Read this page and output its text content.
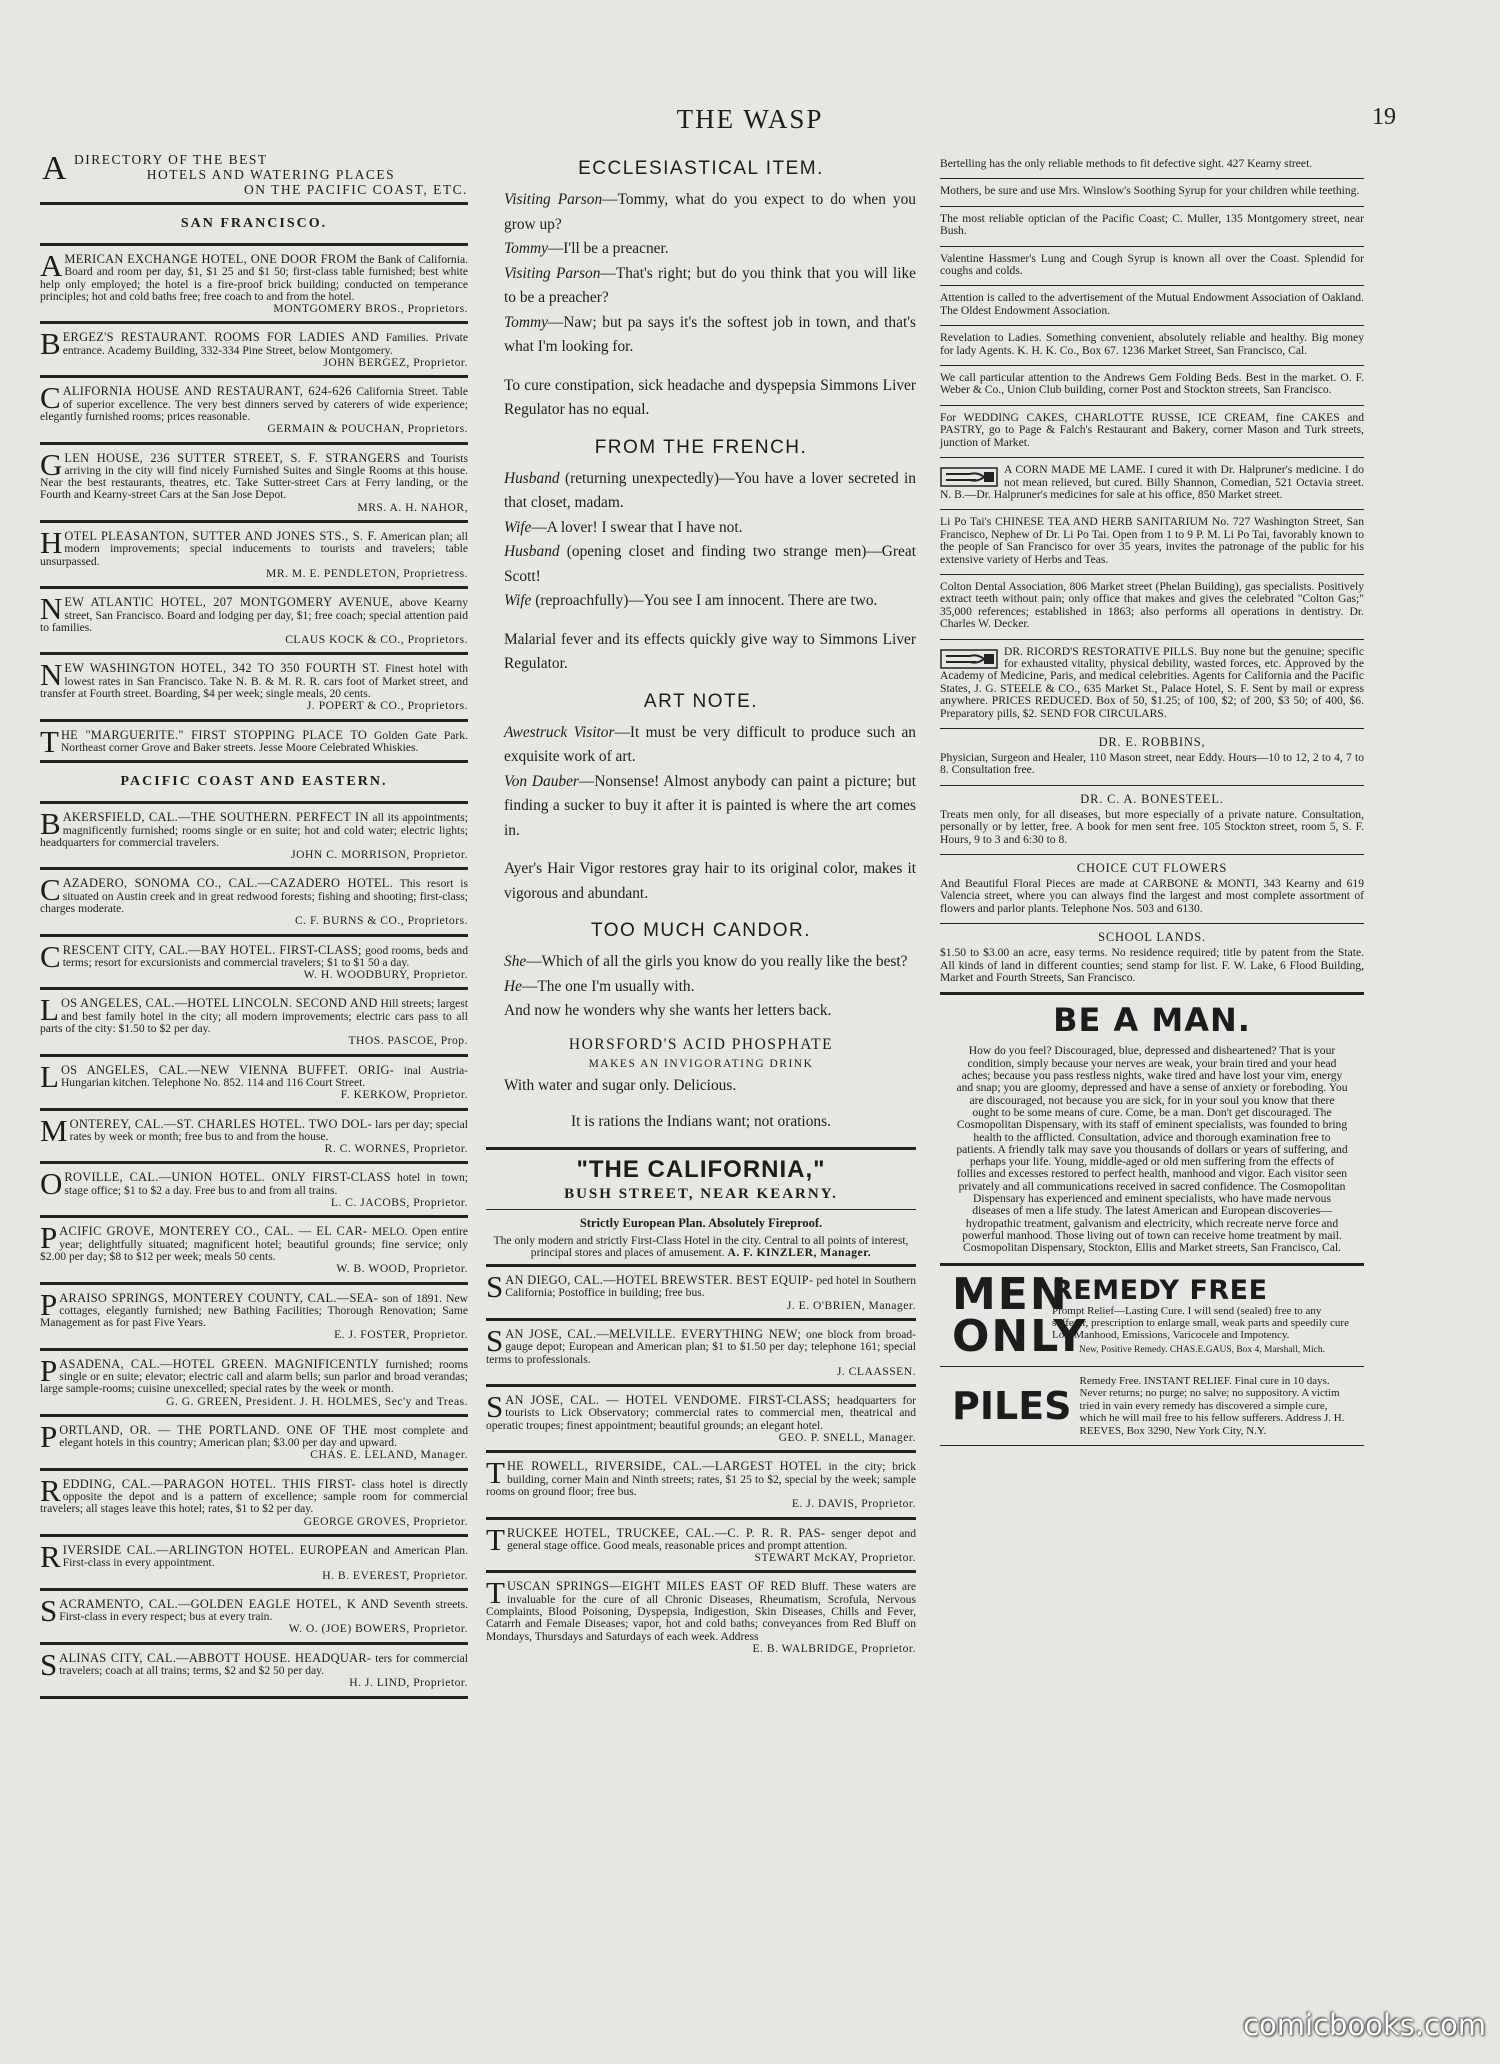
THE WASP	19
A DIRECTORY OF THE BEST
HOTELS AND WATERING PLACES
ON THE PACIFIC COAST, ETC.
SAN FRANCISCO.
AMERICAN EXCHANGE HOTEL, ONE DOOR FROM the Bank of California. Board and room per day, $1, $1 25 and $1 50; first-class table furnished; best white help only employed; the hotel is a fire-proof brick building; conducted on temperance principles; hot and cold baths free; free coach to and from the hotel.
MONTGOMERY BROS., Proprietors.
BERGEZ'S RESTAURANT. ROOMS FOR LADIES AND Families. Private entrance. Academy Building, 332-334 Pine Street, below Montgomery.
JOHN BERGEZ, Proprietor.
CALIFORNIA HOUSE AND RESTAURANT, 624-626 California Street. Table of superior excellence. The very best dinners served by caterers of wide experience; elegantly furnished rooms; prices reasonable.
GERMAIN & POUCHAN, Proprietors.
GLEN HOUSE, 236 SUTTER STREET, S. F. STRANGERS and Tourists arriving in the city will find nicely Furnished Suites and Single Rooms at this house. Near the best restaurants, theatres, etc. Take Sutter-street Cars at Ferry landing, or the Fourth and Kearny-street Cars at the San Jose Depot.
MRS. A. H. NAHOR,
HOTEL PLEASANTON, SUTTER AND JONES STS., S. F. American plan; all modern improvements; special inducements to tourists and travelers; table unsurpassed.
MR. M. E. PENDLETON, Proprietress.
NEW ATLANTIC HOTEL, 207 MONTGOMERY AVENUE, above Kearny street, San Francisco. Board and lodging per day, $1; free coach; special attention paid to families.
CLAUS KOCK & CO., Proprietors.
NEW WASHINGTON HOTEL, 342 TO 350 FOURTH ST. Finest hotel with lowest rates in San Francisco. Take N. B. & M. R. R. cars foot of Market street, and transfer at Fourth street. Boarding, $4 per week; single meals, 20 cents.
J. POPERT & CO., Proprietors.
THE "MARGUERITE." FIRST STOPPING PLACE TO Golden Gate Park. Northeast corner Grove and Baker streets. Jesse Moore Celebrated Whiskies.
PACIFIC COAST AND EASTERN.
BAKERSFIELD, CAL.—THE SOUTHERN. PERFECT IN all its appointments; magnificently furnished; rooms single or en suite; hot and cold water; electric lights; headquarters for commercial travelers.
JOHN C. MORRISON, Proprietor.
CAZADERO, SONOMA CO., CAL.—CAZADERO HOTEL. This resort is situated on Austin creek and in great redwood forests; fishing and shooting; first-class; charges moderate.
C. F. BURNS & CO., Proprietors.
CRESCENT CITY, CAL.—BAY HOTEL. FIRST-CLASS; good rooms, beds and terms; resort for excursionists and commercial travelers; $1 to $1 50 a day.
W. H. WOODBURY, Proprietor.
LOS ANGELES, CAL.—HOTEL LINCOLN. SECOND AND Hill streets; largest and best family hotel in the city; all modern improvements; electric cars pass to all parts of the city: $1.50 to $2 per day.
THOS. PASCOE, Prop.
LOS ANGELES, CAL.—NEW VIENNA BUFFET. ORIG- inal Austria-Hungarian kitchen. Telephone No. 852. 114 and 116 Court Street.
F. KERKOW, Proprietor.
MONTEREY, CAL.—ST. CHARLES HOTEL. TWO DOL- lars per day; special rates by week or month; free bus to and from the house.
R. C. WORNES, Proprietor.
OROVILLE, CAL.—UNION HOTEL. ONLY FIRST-CLASS hotel in town; stage office; $1 to $2 a day. Free bus to and from all trains.
L. C. JACOBS, Proprietor.
PACIFIC GROVE, MONTEREY CO., CAL. — EL CAR- MELO. Open entire year; delightfully situated; magnificent hotel; beautiful grounds; fine service; only $2.00 per day; $8 to $12 per week; meals 50 cents.
W. B. WOOD, Proprietor.
PARAISO SPRINGS, MONTEREY COUNTY, CAL.—SEA- son of 1891. New cottages, elegantly furnished; new Bathing Facilities; Thorough Renovation; Same Management as for past Five Years.
E. J. FOSTER, Proprietor.
PASADENA, CAL.—HOTEL GREEN. MAGNIFICENTLY furnished; rooms single or en suite; elevator; electric call and alarm bells; sun parlor and broad verandas; large sample-rooms; cuisine unexcelled; special rates by the week or month.
G. G. GREEN, President. J. H. HOLMES, Sec'y and Treas.
PORTLAND, OR. — THE PORTLAND. ONE OF THE most complete and elegant hotels in this country; American plan; $3.00 per day and upward.
CHAS. E. LELAND, Manager.
REDDING, CAL.—PARAGON HOTEL. THIS FIRST- class hotel is directly opposite the depot and is a pattern of excellence; sample room for commercial travelers; all stages leave this hotel; rates, $1 to $2 per day.
GEORGE GROVES, Proprietor.
RIVERSIDE CAL.—ARLINGTON HOTEL. EUROPEAN and American Plan. First-class in every appointment.
H. B. EVEREST, Proprietor.
SACRAMENTO, CAL.—GOLDEN EAGLE HOTEL, K AND Seventh streets. First-class in every respect; bus at every train.
W. O. (JOE) BOWERS, Proprietor.
SALINAS CITY, CAL.—ABBOTT HOUSE. HEADQUAR- ters for commercial travelers; coach at all trains; terms, $2 and $2 50 per day.
H. J. LIND, Proprietor.
ECCLESIASTICAL ITEM.
Visiting Parson—Tommy, what do you expect to do when you grow up?
Tommy—I'll be a preacner.
Visiting Parson—That's right; but do you think that you will like to be a preacher?
Tommy—Naw; but pa says it's the softest job in town, and that's what I'm looking for.
To cure constipation, sick headache and dyspepsia Simmons Liver Regulator has no equal.
FROM THE FRENCH.
Husband (returning unexpectedly)—You have a lover secreted in that closet, madam.
Wife—A lover! I swear that I have not.
Husband (opening closet and finding two strange men)—Great Scott!
Wife (reproachfully)—You see I am innocent. There are two.
Malarial fever and its effects quickly give way to Simmons Liver Regulator.
ART NOTE.
Awestruck Visitor—It must be very difficult to produce such an exquisite work of art.
Von Dauber—Nonsense! Almost anybody can paint a picture; but finding a sucker to buy it after it is painted is where the art comes in.
Ayer's Hair Vigor restores gray hair to its original color, makes it vigorous and abundant.
TOO MUCH CANDOR.
She—Which of all the girls you know do you really like the best?
He—The one I'm usually with.
And now he wonders why she wants her letters back.
HORSFORD'S ACID PHOSPHATE
MAKES AN INVIGORATING DRINK
With water and sugar only. Delicious.
It is rations the Indians want; not orations.
"THE CALIFORNIA,"
BUSH STREET, NEAR KEARNY.
Strictly European Plan. Absolutely Fireproof.
The only modern and strictly First-Class Hotel in the city. Central to all points of interest, principal stores and places of amusement. A. F. KINZLER, Manager.
SAN DIEGO, CAL.—HOTEL BREWSTER. BEST EQUIP- ped hotel in Southern California; Postoffice in building; free bus.
J. E. O'BRIEN, Manager.
SAN JOSE, CAL.—MELVILLE. EVERYTHING NEW; one block from broad-gauge depot; European and American plan; $1 to $1.50 per day; telephone 161; special terms to professionals.
J. CLAASSEN.
SAN JOSE, CAL. — HOTEL VENDOME. FIRST-CLASS; headquarters for tourists to Lick Observatory; commercial rates to commercial men, theatrical and operatic troupes; finest appointment; beautiful grounds; an elegant hotel.
GEO. P. SNELL, Manager.
THE ROWELL, RIVERSIDE, CAL.—LARGEST HOTEL in the city; brick building, corner Main and Ninth streets; rates, $1 25 to $2, special by the week; sample rooms on ground floor; free bus.
E. J. DAVIS, Proprietor.
TRUCKEE HOTEL, TRUCKEE, CAL.—C. P. R. R. PAS- senger depot and general stage office. Good meals, reasonable prices and prompt attention.
STEWART McKAY, Proprietor.
TUSCAN SPRINGS—EIGHT MILES EAST OF RED Bluff. These waters are invaluable for the cure of all Chronic Diseases, Rheumatism, Scrofula, Nervous Complaints, Blood Poisoning, Dyspepsia, Indigestion, Skin Diseases, Chills and Fever, Catarrh and Female Diseases; vapor, hot and cold baths; conveyances from Red Bluff on Mondays, Thursdays and Saturdays of each week. Address
E. B. WALBRIDGE, Proprietor.
Bertelling has the only reliable methods to fit defective sight. 427 Kearny street.
Mothers, be sure and use Mrs. Winslow's Soothing Syrup for your children while teething.
The most reliable optician of the Pacific Coast; C. Muller, 135 Montgomery street, near Bush.
Valentine Hassmer's Lung and Cough Syrup is known all over the Coast. Splendid for coughs and colds.
Attention is called to the advertisement of the Mutual Endowment Association of Oakland. The Oldest Endowment Association.
Revelation to Ladies. Something convenient, absolutely reliable and healthy. Big money for lady Agents. K. H. K. Co., Box 67. 1236 Market Street, San Francisco, Cal.
We call particular attention to the Andrews Gem Folding Beds. Best in the market. O. F. Weber & Co., Union Club building, corner Post and Stockton streets, San Francisco.
For WEDDING CAKES, CHARLOTTE RUSSE, ICE CREAM, fine CAKES and PASTRY, go to Page & Falch's Restaurant and Bakery, corner Mason and Turk streets, junction of Market.
A CORN MADE ME LAME. I cured it with Dr. Halpruner's medicine. I do not mean relieved, but cured. Billy Shannon, Comedian, 521 Octavia street. N. B.—Dr. Halpruner's medicines for sale at his office, 850 Market street.
Li Po Tai's CHINESE TEA AND HERB SANITARIUM No. 727 Washington Street, San Francisco, Nephew of Dr. Li Po Tai. Open from 1 to 9 P. M. Li Po Tai, favorably known to the people of San Francisco for over 35 years, invites the patronage of the public for his extensive variety of Herbs and Teas.
Colton Dental Association, 806 Market street (Phelan Building), gas specialists. Positively extract teeth without pain; only office that makes and gives the celebrated "Colton Gas;" 35,000 references; established in 1863; also performs all operations in dentistry. Dr. Charles W. Decker.
DR. RICORD'S RESTORATIVE PILLS. Buy none but the genuine; specific for exhausted vitality, physical debility, wasted forces, etc. Approved by the Academy of Medicine, Paris, and medical celebrities. Agents for California and the Pacific States, J. G. STEELE & CO., 635 Market St., Palace Hotel, S. F. Sent by mail or express anywhere. PRICES REDUCED. Box of 50, $1.25; of 100, $2; of 200, $3 50; of 400, $6. Preparatory pills, $2. SEND FOR CIRCULARS.
DR. E. ROBBINS,
Physician, Surgeon and Healer, 110 Mason street, near Eddy. Hours—10 to 12, 2 to 4, 7 to 8. Consultation free.
DR. C. A. BONESTEEL.
Treats men only, for all diseases, but more especially of a private nature. Consultation, personally or by letter, free. A book for men sent free. 105 Stockton street, room 5, S. F. Hours, 9 to 3 and 6:30 to 8.
CHOICE CUT FLOWERS
And Beautiful Floral Pieces are made at CARBONE & MONTI, 343 Kearny and 619 Valencia street, where you can always find the largest and most complete assortment of flowers and parlor plants. Telephone Nos. 503 and 6130.
SCHOOL LANDS.
$1.50 to $3.00 an acre, easy terms. No residence required; title by patent from the State. All kinds of land in different counties; send stamp for list. F. W. Lake, 6 Flood Building, Market and Fourth Streets, San Francisco.
BE A MAN.
How do you feel? Discouraged, blue, depressed and disheartened? That is your condition, simply because your nerves are weak, your brain tired and your head aches; because you pass restless nights, wake tired and have lost your vim, energy and snap; you are gloomy, depressed and have a sense of anxiety or foreboding. You are discouraged, not because you are sick, for in your soul you know that there ought to be some means of cure. Come, be a man. Don't get discouraged. The Cosmopolitan Dispensary, with its staff of eminent specialists, was founded to bring health to the afflicted. Consultation, advice and thorough examination free to patients. A friendly talk may save you thousands of dollars or years of suffering, and perhaps your life. Young, middle-aged or old men suffering from the effects of follies and excesses restored to perfect health, manhood and vigor. Each visitor seen privately and all communications received in sacred confidence. The Cosmopolitan Dispensary has experienced and eminent specialists, who have made nervous diseases of men a life study. The latest American and European discoveries—hydropathic treatment, galvanism and electricity, which recreate nerve force and powerful manhood. Those living out of town can receive home treatment by mail. Cosmopolitan Dispensary, Stockton, Ellis and Market streets, San Francisco, Cal.
MEN ONLY
REMEDY FREE
Prompt Relief—Lasting Cure. I will send (sealed) free to any sufferer, prescription to enlarge small, weak parts and speedily cure Lost Manhood, Emissions, Varicocele and Impotency.
New, Positive Remedy. CHAS.E.GAUS, Box 4, Marshall, Mich.
PILES
Remedy Free. INSTANT RELIEF. Final cure in 10 days. Never returns; no purge; no salve; no suppository. A victim tried in vain every remedy has discovered a simple cure, which he will mail free to his fellow sufferers. Address J. H. REEVES, Box 3290, New York City, N.Y.
comicbooks.com
